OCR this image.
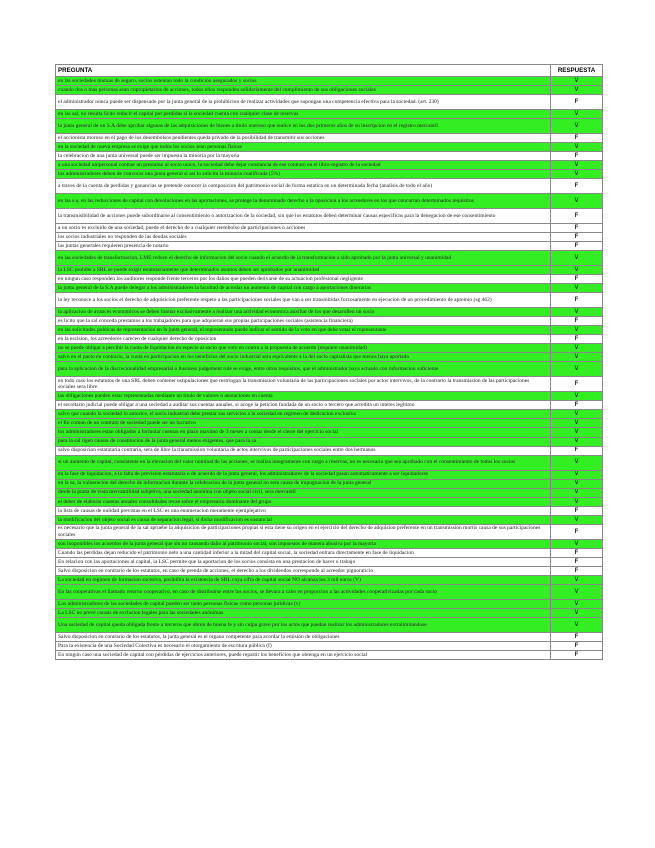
PREGUNTA	RESPUESTA
en las sociedades mutuas de seguro, socios ostentan todo la condicion asegurados y socios	V
cuando dos o mas personas sean copropietarios de acciones, todos ellos responden solidariamente del cumplimiento de sus obligaciones sociales	V
el administrador nunca puede ser dispensado por la junta general de la prohibicion de realizar actividades que supongan una competencia efectiva para la sociedad. (art. 230)	F
en las sal, no resulta licito reducir el capital por perdidas si la sociedad cuenta con cualquier clase de reservas	V
la junta general de un S.A debe aprobar algunas de las adquisiciones de bienes a titulo oneroso que realice en los dos primeros años de su inscripcion en el registro mercantil	V
el accionista moroso en el pago de los desembolsos pendientes queda privado de la posibilidad de transmitir sus acciones	F
en la sociedad de nueva empresa se exige que todos los socios sean personas fisicas	V
la celebracion de una junta universal puede ser impuesta la minoria por la mayoria	F
a una sociedad unipersonal contrae un prestamo al socio unico, la sociedad debe dejar constancia de ese contrato en el libro-registro de la sociedad	V
los administradores deben de convocar una junta general si asi lo solicita la minoria cualificada (5%)	V
a traves de la cuenta de perdidas y ganancias se pretende conocer la composicion del patrimonio social de forma estatica en un determinada fecha (analisis de todo el año)	F
en las s.a, en las reducciones de capital con devoluciones en las aportaciones, se protege la denominado derecho a la oposicion a los acreedores en los que concurran determinados requisitos	V
la transmisibilidad de acciones puede subordinarse al consentimiento o autorizacion de la sociedad, sin que los estatutos deben determinar causas especificas para la denegacion de ese consentimiento	F
a un socio es excluido de una sociedad, puede el derecho de a cualquier reembolso de participaciones o acciones	F
los socios industriales no responden de las deudas sociales	F
las juntas generales requieren presencia de notario	F
en las sociedades de transformacion, LME reduce el derecho de informacion del socio cuando el acuerdo de la transformacion a sido aprobado por la junta universal y unanimidad	V
la LSC prohibe a SRL se puede exigir estatutariamente que determinados asuntos deben ser aprobados por unanimidad	V
en ningun caso responden los auditores responde frente terceros por los daños que pueden derivarse de su actuacion profesional negligente	F
la junta general de la S.A puede delegar a los administradores la facultad de acordar un aumento de capital con cargo a aportaciones dinerarias	V
la ley reconoce a los socios el derecho de adquisicion preferente respeto a las participaciones sociales que van a ser transmitidas forzosamente en ejecucion de un procedimiento de apremio (sg 462)	F
la aplicacion de avances economicos se deben limitar exclusivamente a realizar una actividad economica auxiliar de los que desarollen un socio	V
es licito que la sal conceda prestamos a los trabajadores para que adquieran sus propias participaciones sociales (asistencia financiera)	F
en las solicitudes publicas de representacion en la junta general, el representado puede indicar el sentido de la voto en que debe votar el representante	V
en la escision, los acreedores carecen de cualquier derecho de oposicion	F
no se puede obligar a percibir la cuota de liquidacion en especie al socio que voto en contra a la propuesta de acuerdo (requiere unanimidad)	V
salvo en el pacto en contrario, la cuota en participacion en los beneficios del socio industrial sera equivalente a la del socio capitalista que menos haya aportado	V
para la aplicacion de la discrecionalidad empresarial o business judgement rule se exige, entre otros requisitos, que el administrador haya actuado con informacion suficiente	V
en todo caso los estatutos de una SRL deben contener estipulaciones que restringan la transmission voluntaria de las participaciones sociales por actos intervivos, de la contrario la transmission de las participaciones sociales sera libre	F
las obligaciones pueden estar representadas mediante un titulo de valores o anotaciones en cuenta	V
el secretario judicial puede obligar a una sociedad a auditar sus cuentas anuales, si acoge la peticion fundada de un socio o tercero que acredita un interes legitimo	F
salvo que cuando la sociedad lo autorice, el socio industrial debe prestar sus servicios a la sociedad en regimen de dedicacion exclusiva	V
el fin comun de un contrato de sociedad puede ser no lucrativo	V
los administradores estan obligados a formular cuentas en plazo maximo de 3 meses a contar desde el cierre del ejercicio social	V
para la sal rigen causas de constitucion de la junta general menos exigentes, que para la sa	V
salvo disposicion estatutaria contraria, sera de libre la transmission voluntaria de actos intervivos de participaciones sociales entre dos hermanos	F
si un aumento de capital, consistente en la elevacion del valor nominal de las acciones, se realiza integramente con cargo a reservas, no es necesario que sea aprobado con el consentimiento de todos los socios	V
en la fase de liquidacion, a la falta de prevision estatutaria o de acuerdo de la junta general, los administradores de la sociedad pasan automaticamente a ser liquidadores	V
en la sa, la vulneracion del derecho de informacion durante la celebracion de la junta general no sera causa de impugnacion de la junta general	V
desde la punta de vista mercantilidad subjetiva, una sociedad anonima con objeto social civil, sera mercantil	V
el deber de elaborar cuentas anuales consolidades recae sobre el empresario dominante del grupo	V
la lista de causas de nulidad previstas en el LSC es una enumeracion meramente ejemplejativo	F
la modificacion del objeto social es causa de separacion legal, si dicha modificacion es sustancial	V
es necesario que la junta general de la sal apruebe la adquisicion de participaciones propias si esta tiene su origen en el ejercicio del derecho de adquision preferente en un transmission mortis causa de sus participaciones sociales	F
son inoponibles los acuerdos de la junta general que sin no causando daño al patrimonio social, son impuestos de manera abusiva por la mayoria	V
Cuando las perdidas dejan reducido el patrimonio neto a una cantidad inferior a la mitad del capital social, la sociedad entrara directamente en fase de liquidacion	F
En relacion con las aportaciones al capital, la LSC permite que la aportacion de los socios consista en una prestacion de hacer o trabajo	F
Salvo disposicion en contrario de los estatutos, en caso de prenda de acciones, el derecho a los dividendos corresponde al acreedor pignoraticio	F
La sociedad en regimen de formacion sucesiva, posibilita la existencia de SRL cuya cifra de capital social NO alcanza los 3 mil euros (V)	V
En las cooperativas el llamado retorno cooperativo, en caso de distribuirse entre los socios, se llevara a cabo en proporcion a las actividades cooperativizadas por cada socio	V
Los administradores de las sociedades de capital pueden ser tanto personas fisicas como personas juridicas (v)	V
La LSC no prevé causas de exclusion legales para las sociedades anónimas	V
Una sociedad de capital queda obligada frente a terceros que obren de buena fe y sin culpa grave por los actos que puedan realizar los administradores extralimitandose	V
Salvo disposicion en contrario de los estatutos, la junta general es el órgano competente para acordar la emisión de obligaciones	F
Para la existencia de una Sociedad Colectiva es necesario el otorgamiento de escritura pública (f)	F
En ningún caso una sociedad de capital con pérdidas de ejercicios anteriores, puede repartir los beneficios que obtenga en un ejercicio social	F
